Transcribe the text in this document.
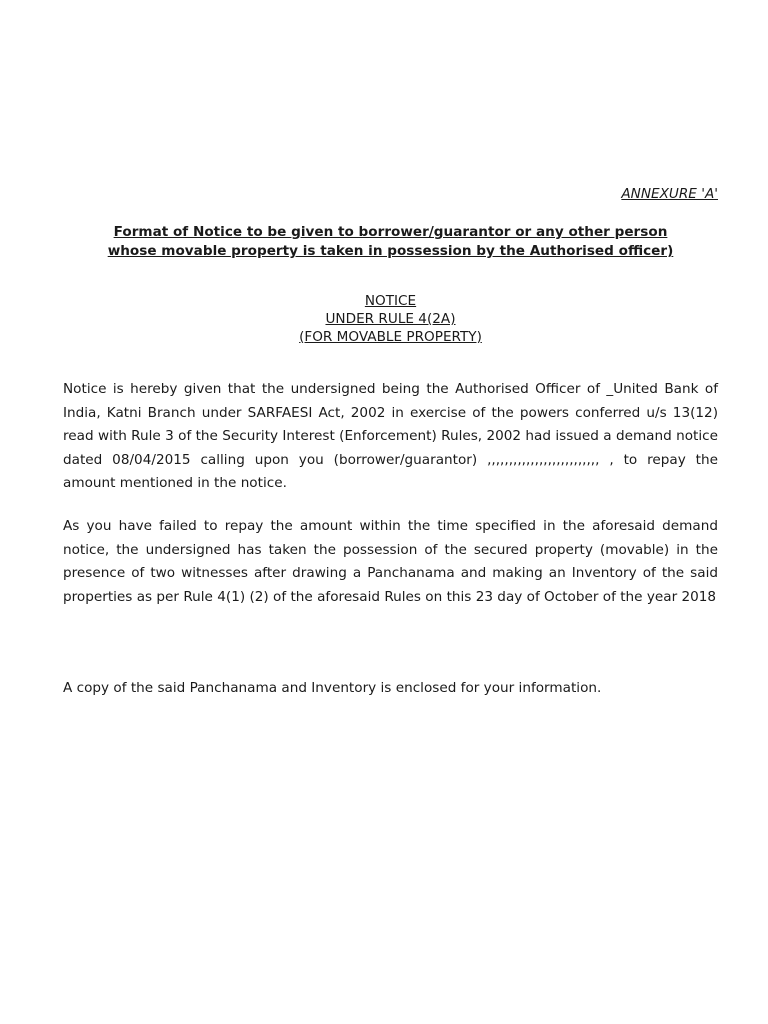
ANNEXURE 'A'
Format of Notice to be given to borrower/guarantor or any other person
whose movable property is taken in possession by the Authorised officer)
NOTICE
UNDER RULE 4(2A)
(FOR MOVABLE PROPERTY)

Notice is hereby given that the undersigned being the Authorised Officer of _United Bank of India, Katni Branch under SARFAESI Act, 2002 in exercise of the powers conferred u/s 13(12) read with Rule 3 of the Security Interest (Enforcement) Rules, 2002 had issued a demand notice dated 08/04/2015 calling upon you (borrower/guarantor) ,,,,,,,,,,,,,,,,,,,,,,,,,, , to repay the amount mentioned in the notice.

As you have failed to repay the amount within the time specified in the aforesaid demand notice, the undersigned has taken the possession of the secured property (movable) in the presence of two witnesses after drawing a Panchanama and making an Inventory of the said properties as per Rule 4(1) (2) of the aforesaid Rules on this 23 day of October of the year 2018

A copy of the said Panchanama and Inventory is enclosed for your information.
